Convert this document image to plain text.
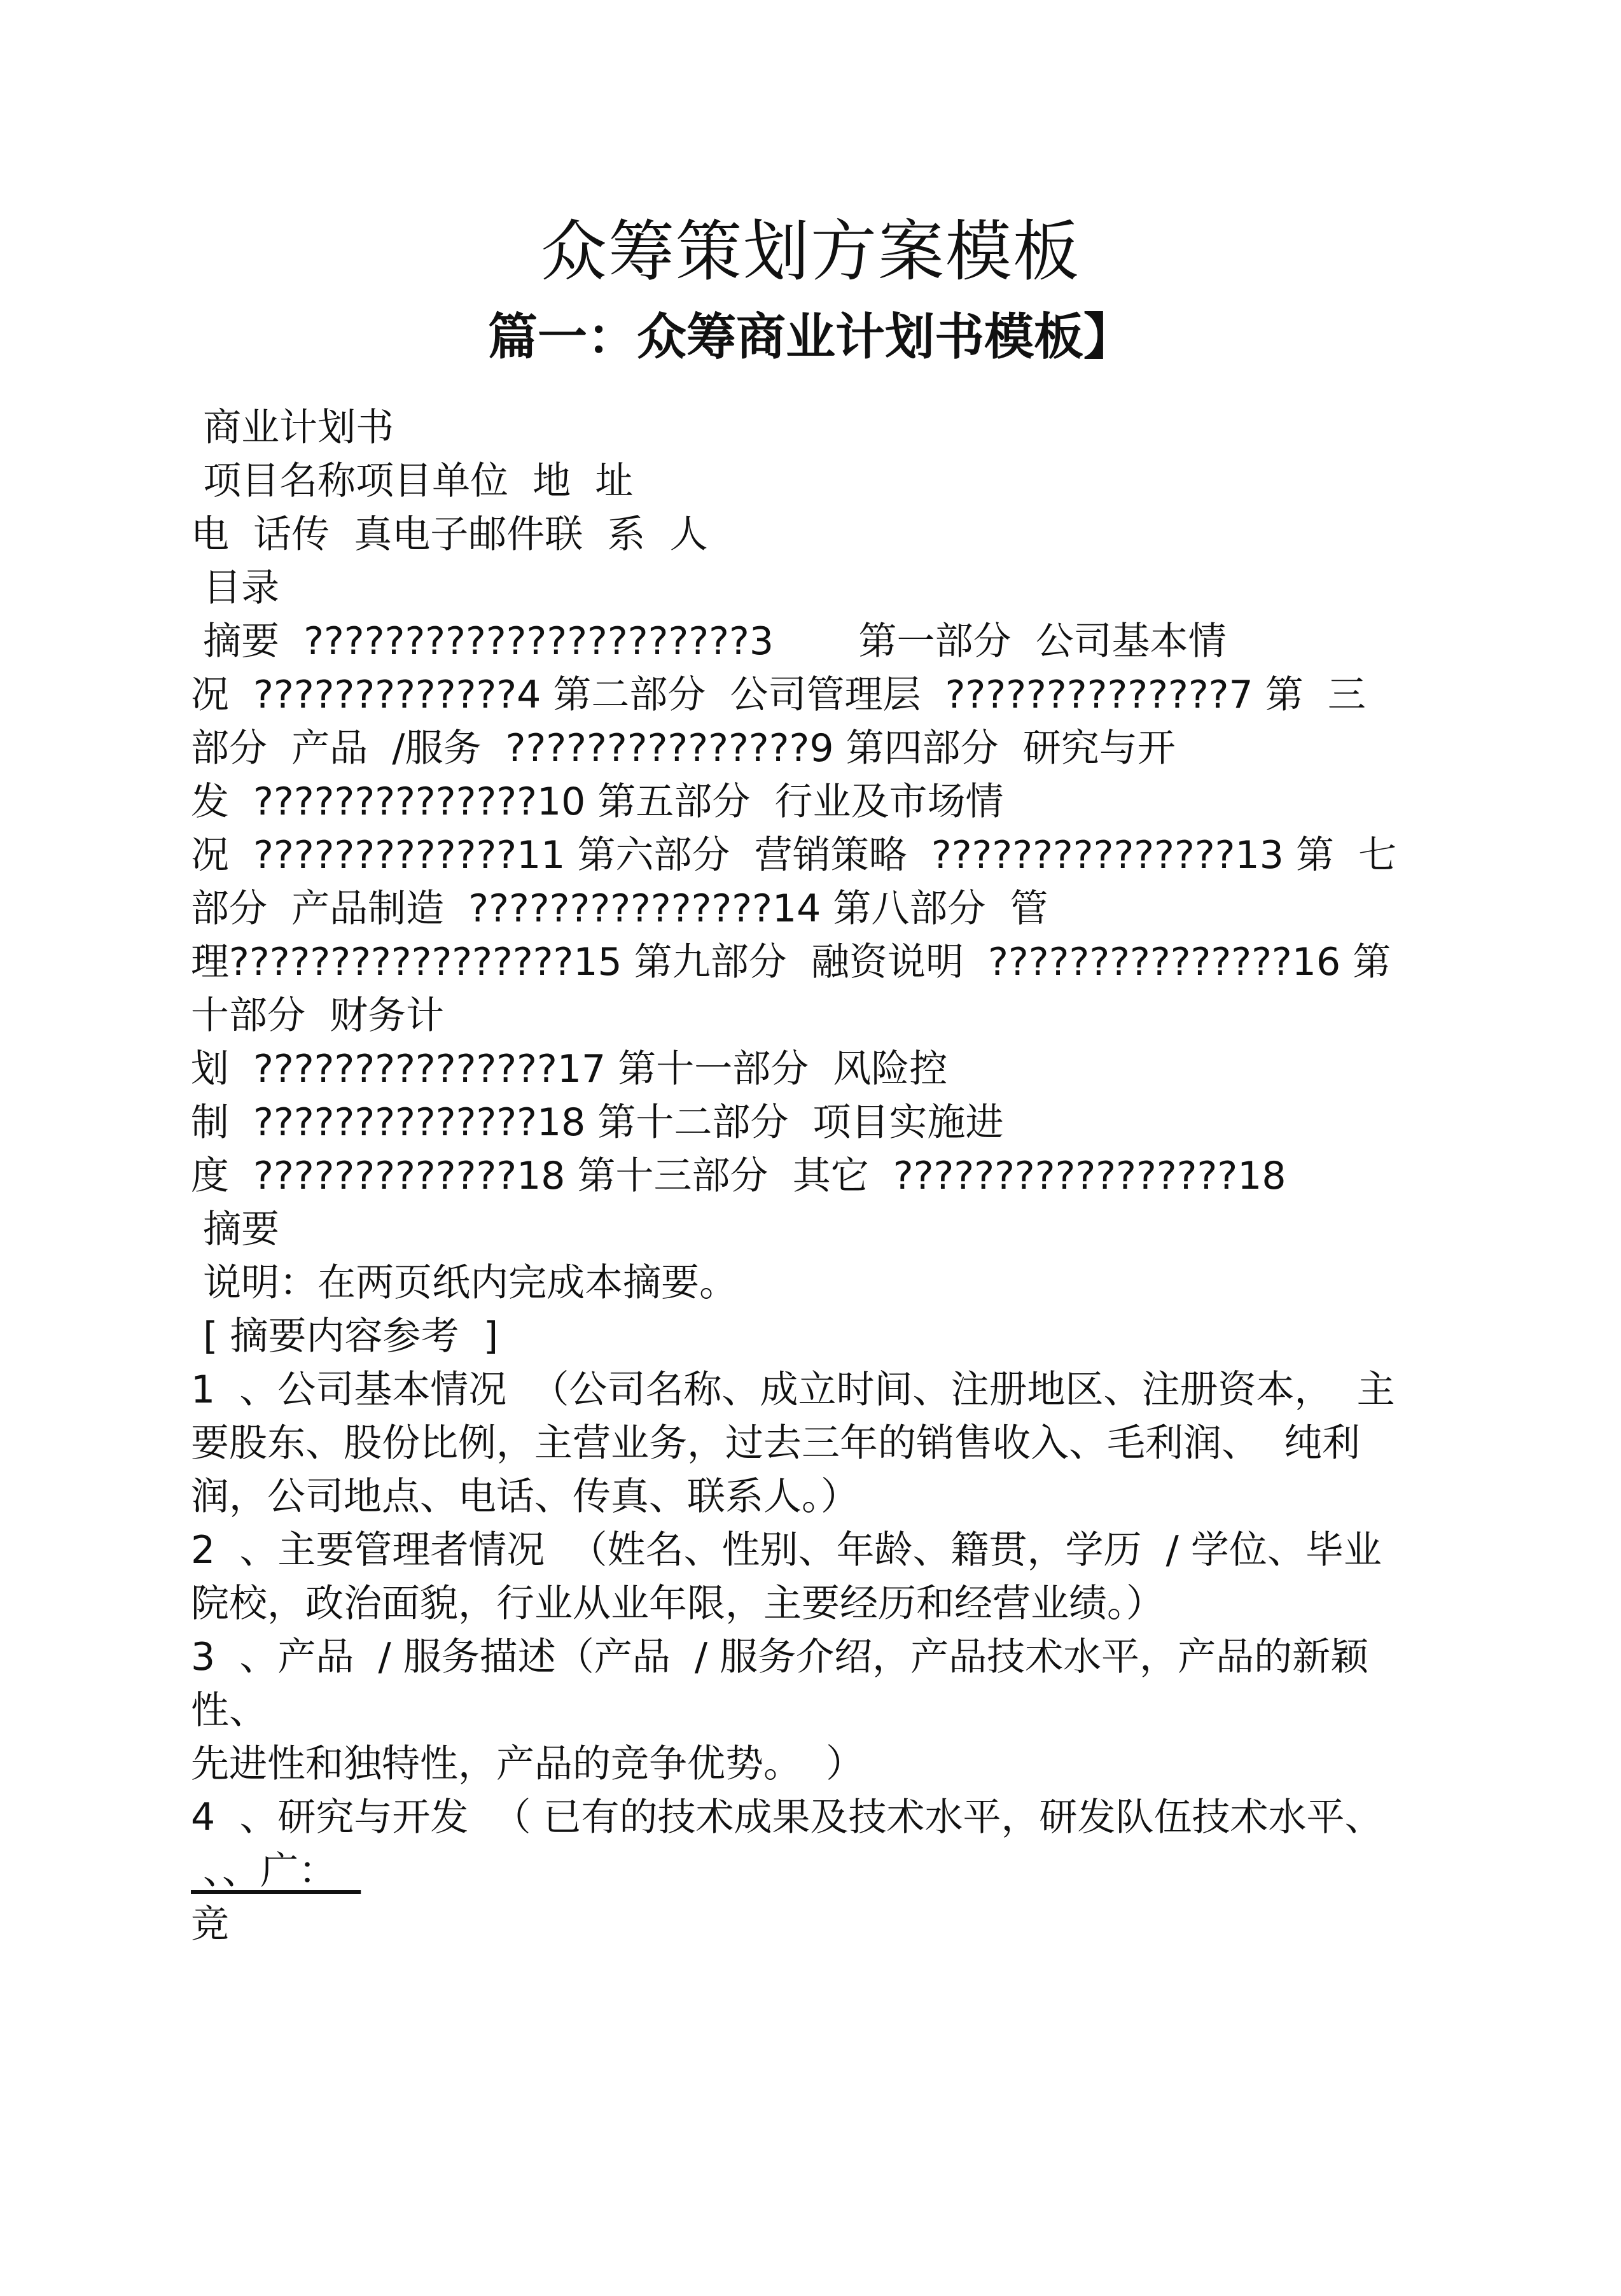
众筹策划方案模板
篇一：众筹商业计划书模板】

商业计划书

项目名称项目单位  地  址

电  话传  真电子邮件联  系  人

目录

摘要  ??????????????????????3       第一部分  公司基本情

况  ?????????????4 第二部分  公司管理层  ??????????????7 第  三

部分  产品  /服务  ???????????????9 第四部分  研究与开

发  ??????????????10 第五部分  行业及市场情

况  ?????????????11 第六部分  营销策略  ???????????????13 第  七

部分  产品制造  ???????????????14 第八部分  管

理?????????????????15 第九部分  融资说明  ???????????????16 第

十部分  财务计

划  ???????????????17 第十一部分  风险控

制  ??????????????18 第十二部分  项目实施进

度  ?????????????18 第十三部分  其它  ?????????????????18

摘要

说明：在两页纸内完成本摘要。

[ 摘要内容参考  ]

1  、公司基本情况  （公司名称、成立时间、注册地区、注册资本，  主

要股东、股份比例，主营业务，过去三年的销售收入、毛利润、  纯利

润，公司地点、电话、传真、联系人。）

2  、主要管理者情况  （姓名、性别、年龄、籍贯，学历  / 学位、毕业

院校，政治面貌，行业从业年限，主要经历和经营业绩。）

3  、产品  / 服务描述（产品  / 服务介绍，产品技术水平，产品的新颖

性、

先进性和独特性，产品的竞争优势。  ）

4  、研究与开发  （ 已有的技术成果及技术水平，研发队伍技术水平、

、、广：

竞
